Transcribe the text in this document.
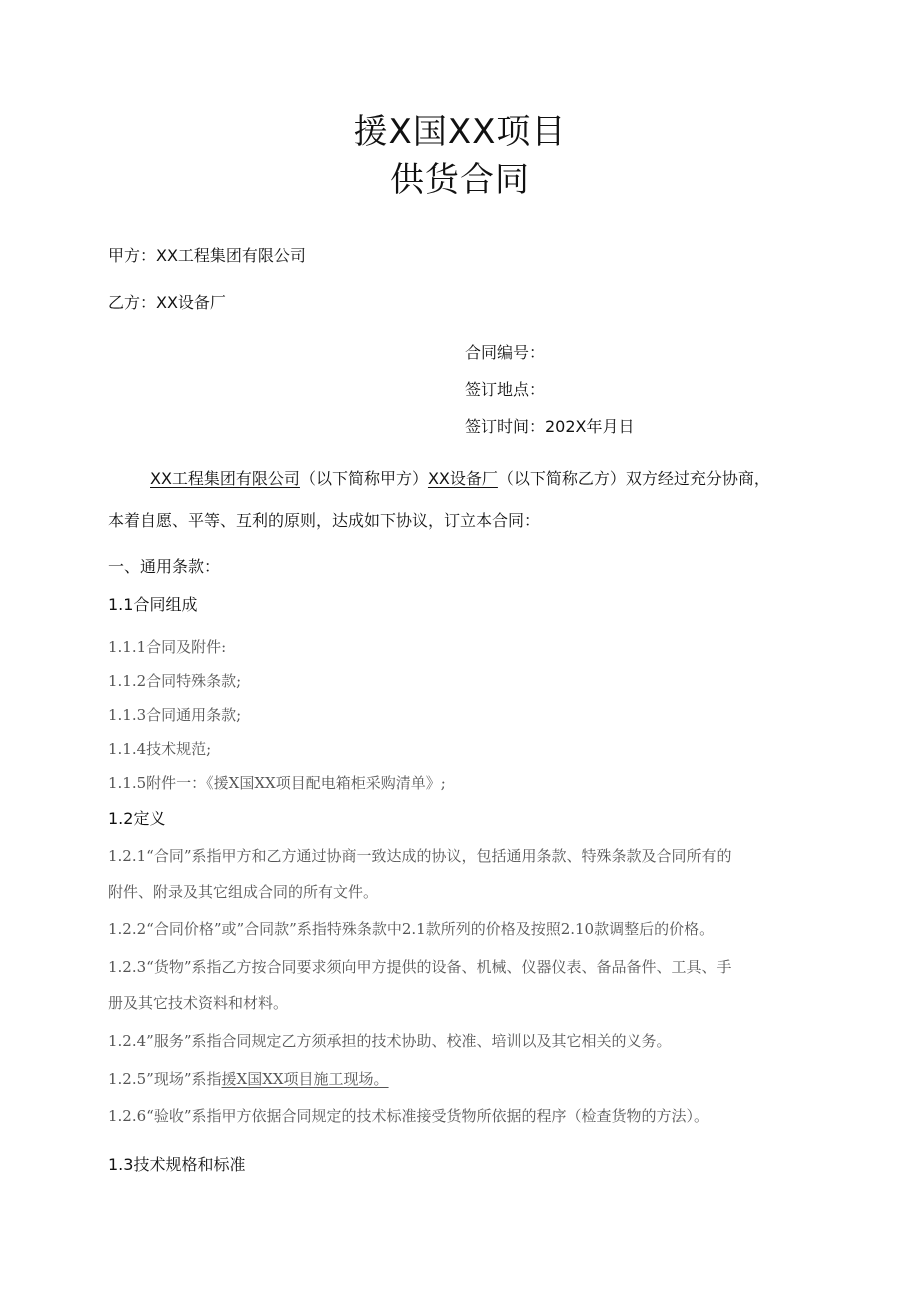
援X国XX项目
供货合同
甲方：XX工程集团有限公司
乙方：XX设备厂
合同编号：
签订地点：
签订时间：202X年月日
XX工程集团有限公司（以下简称甲方）XX设备厂（以下简称乙方）双方经过充分协商，
本着自愿、平等、互利的原则，达成如下协议，订立本合同：
一、通用条款：
1.1合同组成
1.1.1合同及附件:
1.1.2合同特殊条款;
1.1.3合同通用条款;
1.1.4技术规范;
1.1.5附件一：《援X国XX项目配电箱柜采购清单》;
1.2定义
1.2.1“合同”系指甲方和乙方通过协商一致达成的协议，包括通用条款、特殊条款及合同所有的
附件、附录及其它组成合同的所有文件。
1.2.2“合同价格”或”合同款”系指特殊条款中2.1款所列的价格及按照2.10款调整后的价格。
1.2.3“货物”系指乙方按合同要求须向甲方提供的设备、机械、仪器仪表、备品备件、工具、手
册及其它技术资料和材料。
1.2.4”服务”系指合同规定乙方须承担的技术协助、校准、培训以及其它相关的义务。
1.2.5”现场”系指援X国XX项目施工现场。
1.2.6“验收”系指甲方依据合同规定的技术标准接受货物所依据的程序（检查货物的方法）。
1.3技术规格和标准
